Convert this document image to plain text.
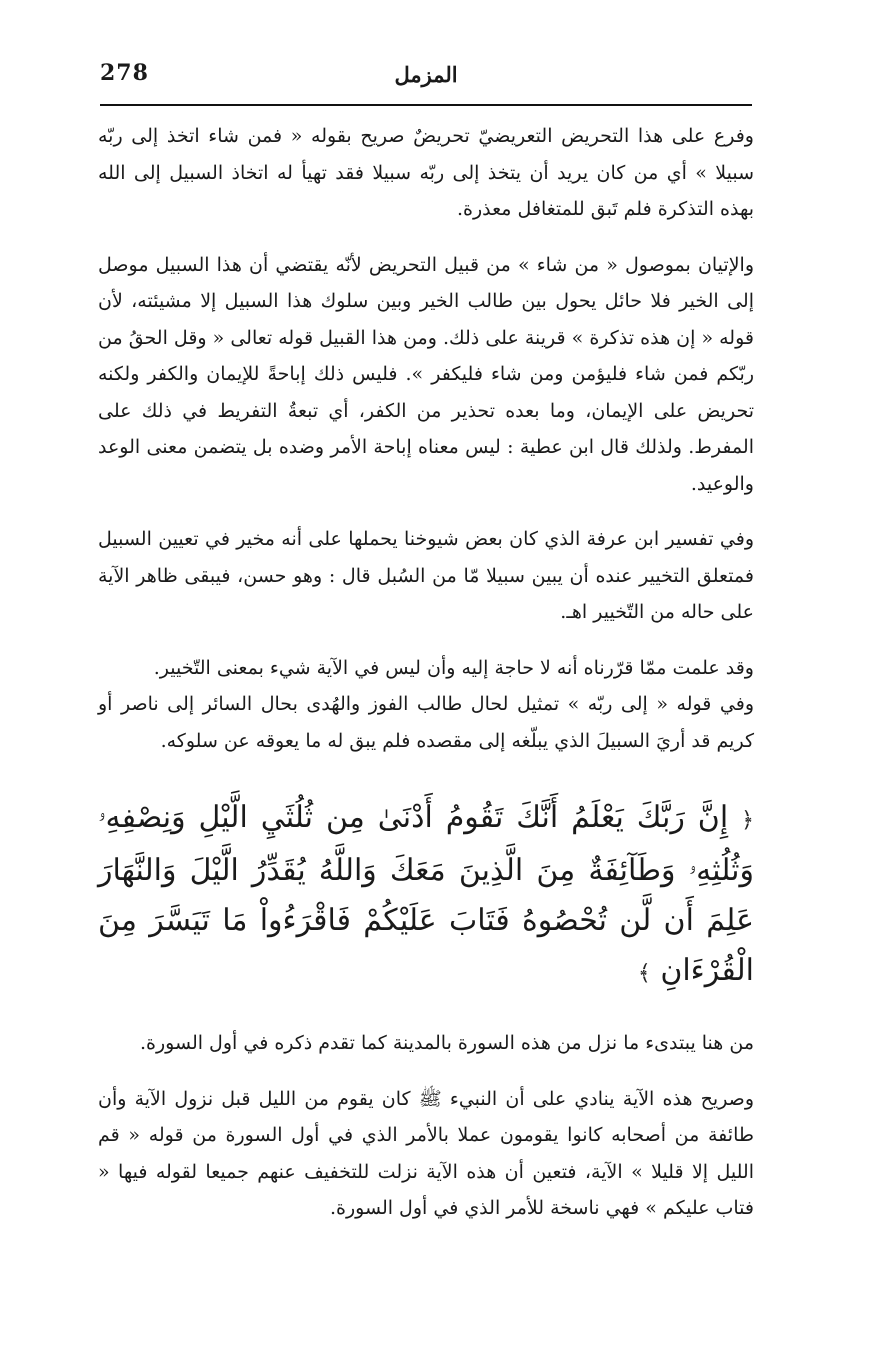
278	المزمل

وفرع على هذا التحريض التعريضيّ تحريضٌ صريح بقوله « فمن شاء اتخذ إلى ربّه سبيلا » أي من كان يريد أن يتخذ إلى ربّه سبيلا فقد تهيأ له اتخاذ السبيل إلى الله بهذه التذكرة فلم تَبق للمتغافل معذرة.

والإتيان بموصول « من شاء » من قبيل التحريض لأنّه يقتضي أن هذا السبيل موصل إلى الخير فلا حائل يحول بين طالب الخير وبين سلوك هذا السبيل إلا مشيئته، لأن قوله « إن هذه تذكرة » قرينة على ذلك. ومن هذا القبيل قوله تعالى « وقل الحقُ من ربّكم فمن شاء فليؤمن ومن شاء فليكفر ». فليس ذلك إباحةً للإيمان والكفر ولكنه تحريض على الإيمان، وما بعده تحذير من الكفر، أي تبعةُ التفريط في ذلك على المفرط. ولذلك قال ابن عطية : ليس معناه إباحة الأمر وضده بل يتضمن معنى الوعد والوعيد.

وفي تفسير ابن عرفة الذي كان بعض شيوخنا يحملها على أنه مخير في تعيين السبيل فمتعلق التخيير عنده أن يبين سبيلا مّا من السُبل قال : وهو حسن، فيبقى ظاهر الآية على حاله من التّخيير اهـ.

وقد علمت ممّا قرّرناه أنه لا حاجة إليه وأن ليس في الآية شيء بمعنى التّخيير.

وفي قوله « إلى ربّه » تمثيل لحال طالب الفوز والهُدى بحال السائر إلى ناصر أو كريم قد أريَ السبيلَ الذي يبلّغه إلى مقصده فلم يبق له ما يعوقه عن سلوكه.

﴿ إِنَّ رَبَّكَ يَعْلَمُ أَنَّكَ تَقُومُ أَدْنَىٰ مِن ثُلُثَيِ الَّيْلِ وَنِصْفِهِۥ وَثُلُثِهِۥ وَطَآئِفَةٌ مِنَ الَّذِينَ مَعَكَ وَاللَّهُ يُقَدِّرُ الَّيْلَ وَالنَّهَارَ عَلِمَ أَن لَّن تُحْصُوهُ فَتَابَ عَلَيْكُمْ فَاقْرَءُواْ مَا تَيَسَّرَ مِنَ الْقُرْءَانِ ﴾

من هنا يبتدىء ما نزل من هذه السورة بالمدينة كما تقدم ذكره في أول السورة.

وصريح هذه الآية ينادي على أن النبيء ﷺ كان يقوم من الليل قبل نزول الآية وأن طائفة من أصحابه كانوا يقومون عملا بالأمر الذي في أول السورة من قوله « قم الليل إلا قليلا » الآية، فتعين أن هذه الآية نزلت للتخفيف عنهم جميعا لقوله فيها « فتاب عليكم » فهي ناسخة للأمر الذي في أول السورة.
